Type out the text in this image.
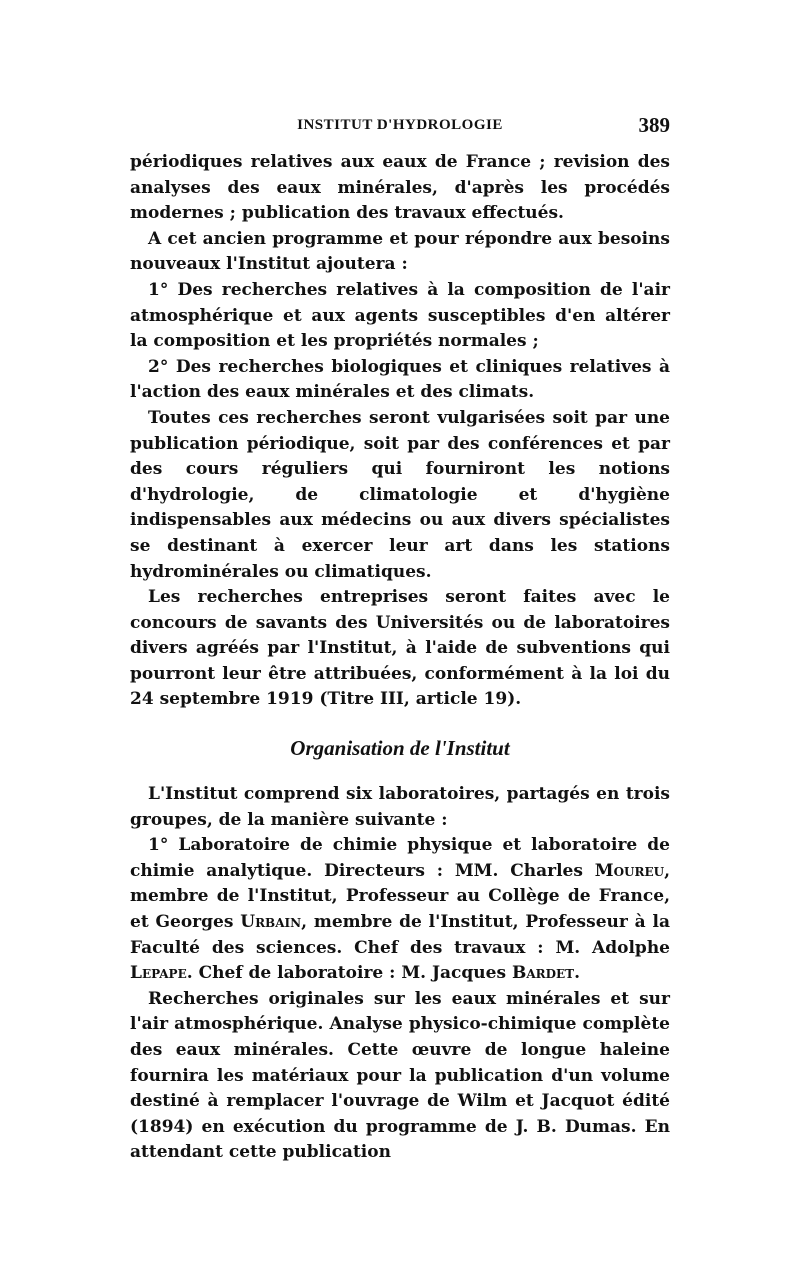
INSTITUT D'HYDROLOGIE	389

périodiques relatives aux eaux de France ; revision des analyses des eaux minérales, d'après les procédés modernes ; publication des travaux effectués.

A cet ancien programme et pour répondre aux besoins nouveaux l'Institut ajoutera :

1° Des recherches relatives à la composition de l'air atmosphérique et aux agents susceptibles d'en altérer la composition et les propriétés normales ;

2° Des recherches biologiques et cliniques relatives à l'action des eaux minérales et des climats.

Toutes ces recherches seront vulgarisées soit par une publication périodique, soit par des conférences et par des cours réguliers qui fourniront les notions d'hydrologie, de climatologie et d'hygiène indispensables aux médecins ou aux divers spécialistes se destinant à exercer leur art dans les stations hydrominérales ou climatiques.

Les recherches entreprises seront faites avec le concours de savants des Universités ou de laboratoires divers agréés par l'Institut, à l'aide de subventions qui pourront leur être attribuées, conformément à la loi du 24 septembre 1919 (Titre III, article 19).

Organisation de l'Institut

L'Institut comprend six laboratoires, partagés en trois groupes, de la manière suivante :

1° Laboratoire de chimie physique et laboratoire de chimie analytique. Directeurs : MM. Charles Moureu, membre de l'Institut, Professeur au Collège de France, et Georges Urbain, membre de l'Institut, Professeur à la Faculté des sciences. Chef des travaux : M. Adolphe Lepape. Chef de laboratoire : M. Jacques Bardet.

Recherches originales sur les eaux minérales et sur l'air atmosphérique. Analyse physico-chimique complète des eaux minérales. Cette œuvre de longue haleine fournira les matériaux pour la publication d'un volume destiné à remplacer l'ouvrage de Wilm et Jacquot édité (1894) en exécution du programme de J. B. Dumas. En attendant cette publication
